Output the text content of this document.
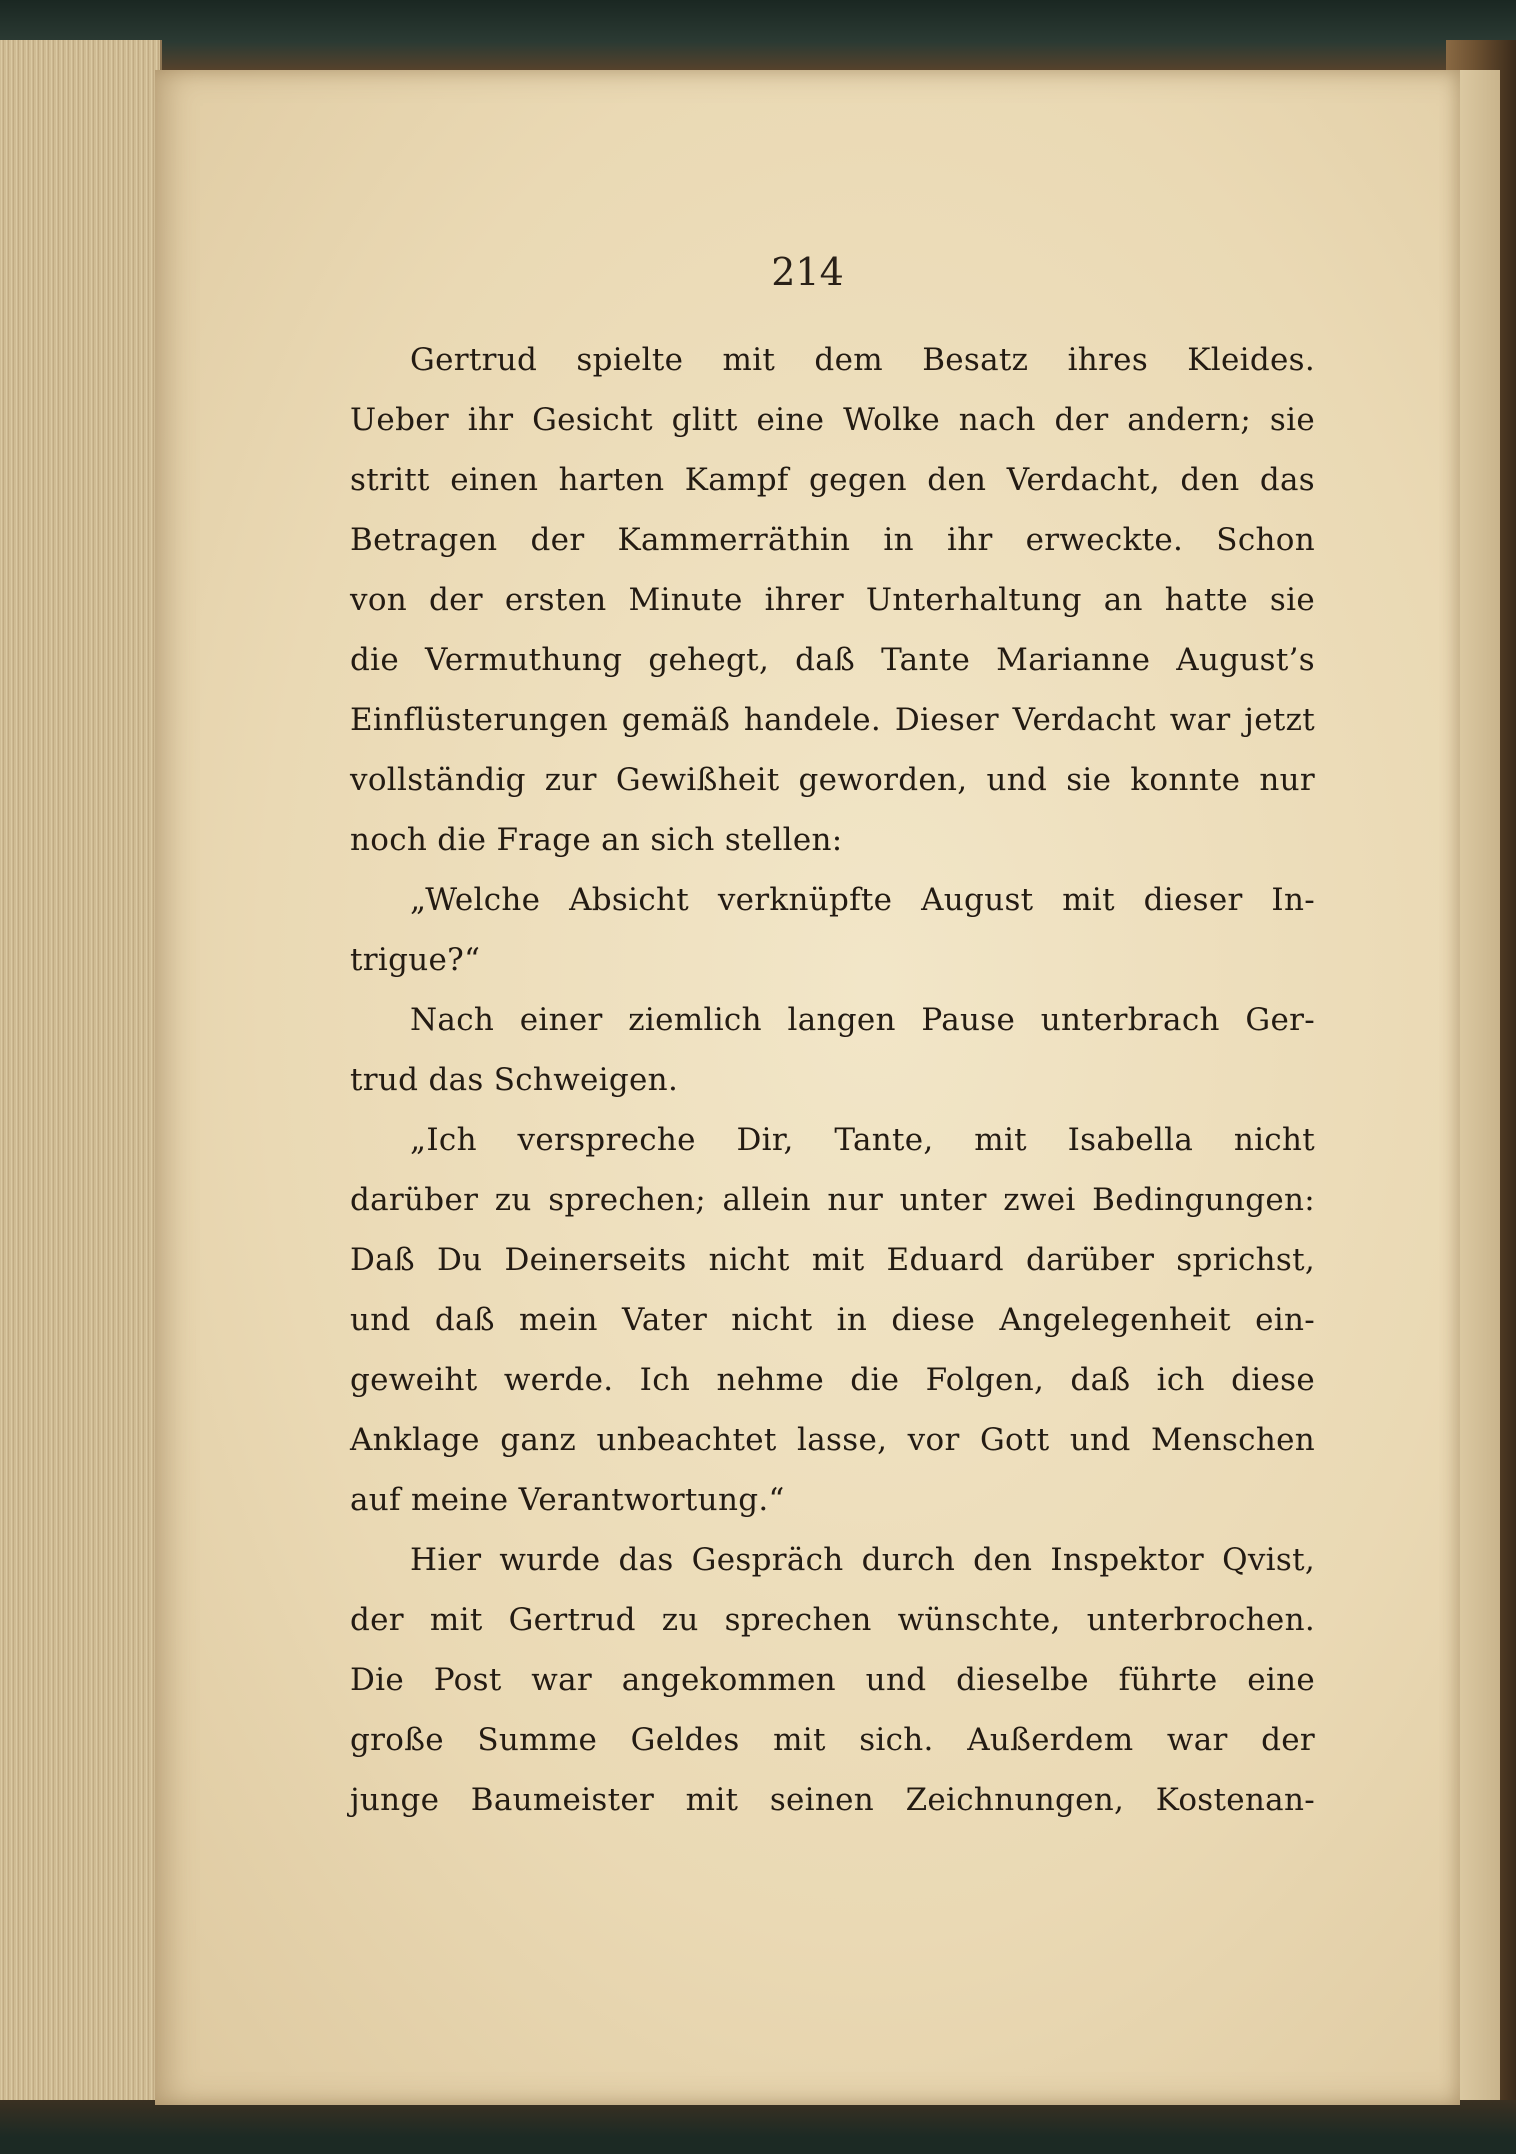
214
Gertrud spielte mit dem Besatz ihres Kleides.
Ueber ihr Gesicht glitt eine Wolke nach der andern; sie
stritt einen harten Kampf gegen den Verdacht, den das
Betragen der Kammerräthin in ihr erweckte. Schon
von der ersten Minute ihrer Unterhaltung an hatte sie
die Vermuthung gehegt, daß Tante Marianne August’s
Einflüsterungen gemäß handele. Dieser Verdacht war jetzt
vollständig zur Gewißheit geworden, und sie konnte nur
noch die Frage an sich stellen:
„Welche Absicht verknüpfte August mit dieser In-
trigue?“
Nach einer ziemlich langen Pause unterbrach Ger-
trud das Schweigen.
„Ich verspreche Dir, Tante, mit Isabella nicht
darüber zu sprechen; allein nur unter zwei Bedingungen:
Daß Du Deinerseits nicht mit Eduard darüber sprichst,
und daß mein Vater nicht in diese Angelegenheit ein-
geweiht werde. Ich nehme die Folgen, daß ich diese
Anklage ganz unbeachtet lasse, vor Gott und Menschen
auf meine Verantwortung.“
Hier wurde das Gespräch durch den Inspektor Qvist,
der mit Gertrud zu sprechen wünschte, unterbrochen.
Die Post war angekommen und dieselbe führte eine
große Summe Geldes mit sich. Außerdem war der
junge Baumeister mit seinen Zeichnungen, Kostenan-
